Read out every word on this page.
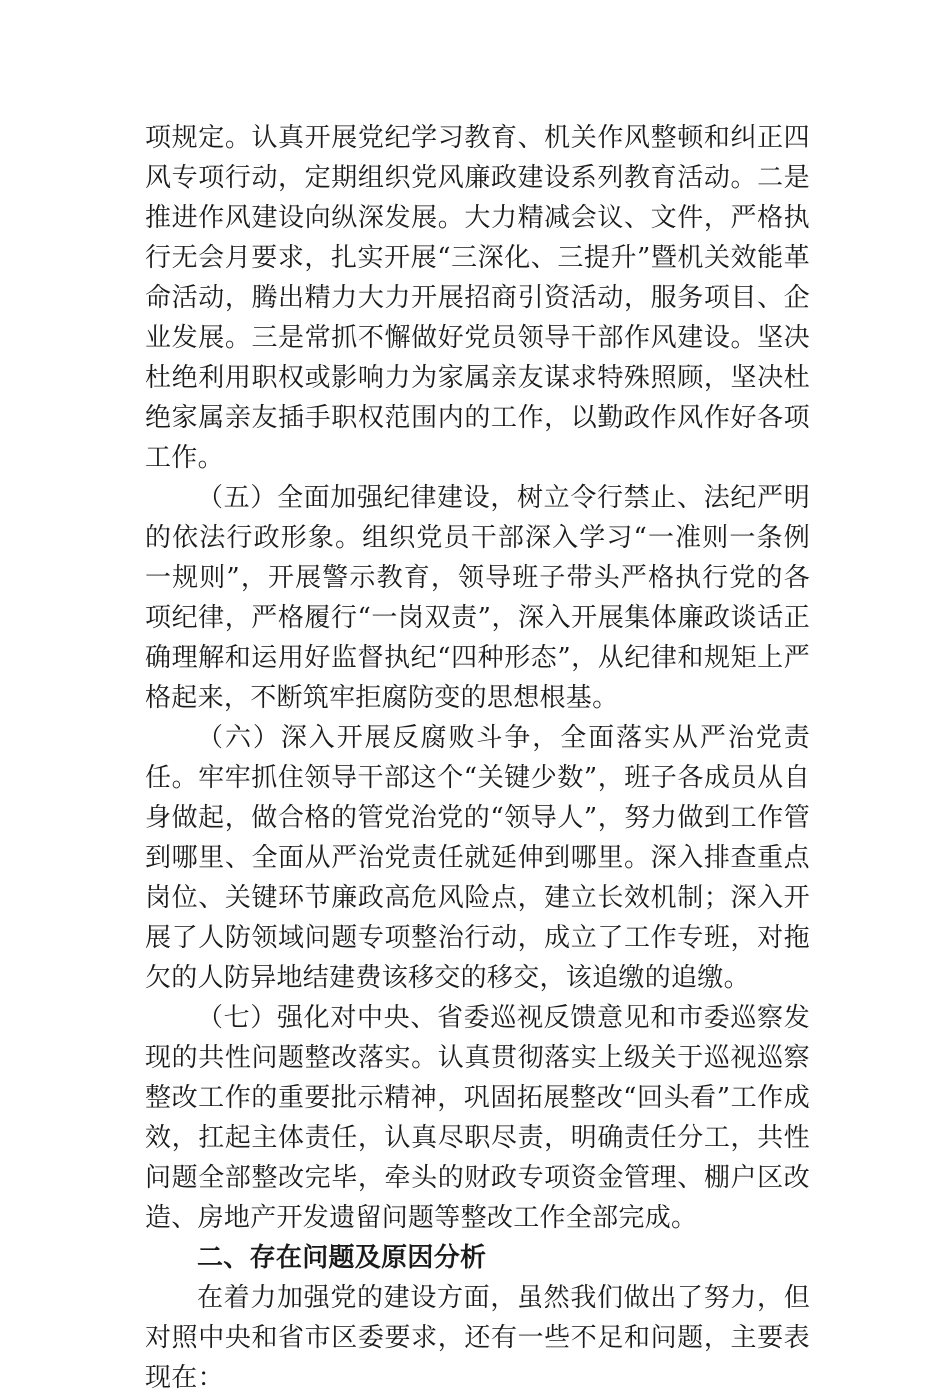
项规定。认真开展党纪学习教育、机关作风整顿和纠正四风专项行动，定期组织党风廉政建设系列教育活动。二是推进作风建设向纵深发展。大力精减会议、文件，严格执行无会月要求，扎实开展“三深化、三提升”暨机关效能革命活动，腾出精力大力开展招商引资活动，服务项目、企业发展。三是常抓不懈做好党员领导干部作风建设。坚决杜绝利用职权或影响力为家属亲友谋求特殊照顾，坚决杜绝家属亲友插手职权范围内的工作，以勤政作风作好各项工作。

（五）全面加强纪律建设，树立令行禁止、法纪严明的依法行政形象。组织党员干部深入学习“一准则一条例一规则”，开展警示教育，领导班子带头严格执行党的各项纪律，严格履行“一岗双责”，深入开展集体廉政谈话正确理解和运用好监督执纪“四种形态”，从纪律和规矩上严格起来，不断筑牢拒腐防变的思想根基。

（六）深入开展反腐败斗争，全面落实从严治党责任。牢牢抓住领导干部这个“关键少数”，班子各成员从自身做起，做合格的管党治党的“领导人”，努力做到工作管到哪里、全面从严治党责任就延伸到哪里。深入排查重点岗位、关键环节廉政高危风险点，建立长效机制；深入开展了人防领域问题专项整治行动，成立了工作专班，对拖欠的人防异地结建费该移交的移交，该追缴的追缴。

（七）强化对中央、省委巡视反馈意见和市委巡察发现的共性问题整改落实。认真贯彻落实上级关于巡视巡察整改工作的重要批示精神，巩固拓展整改“回头看”工作成效，扛起主体责任，认真尽职尽责，明确责任分工，共性问题全部整改完毕，牵头的财政专项资金管理、棚户区改造、房地产开发遗留问题等整改工作全部完成。

二、存在问题及原因分析

在着力加强党的建设方面，虽然我们做出了努力，但对照中央和省市区委要求，还有一些不足和问题，主要表现在：
